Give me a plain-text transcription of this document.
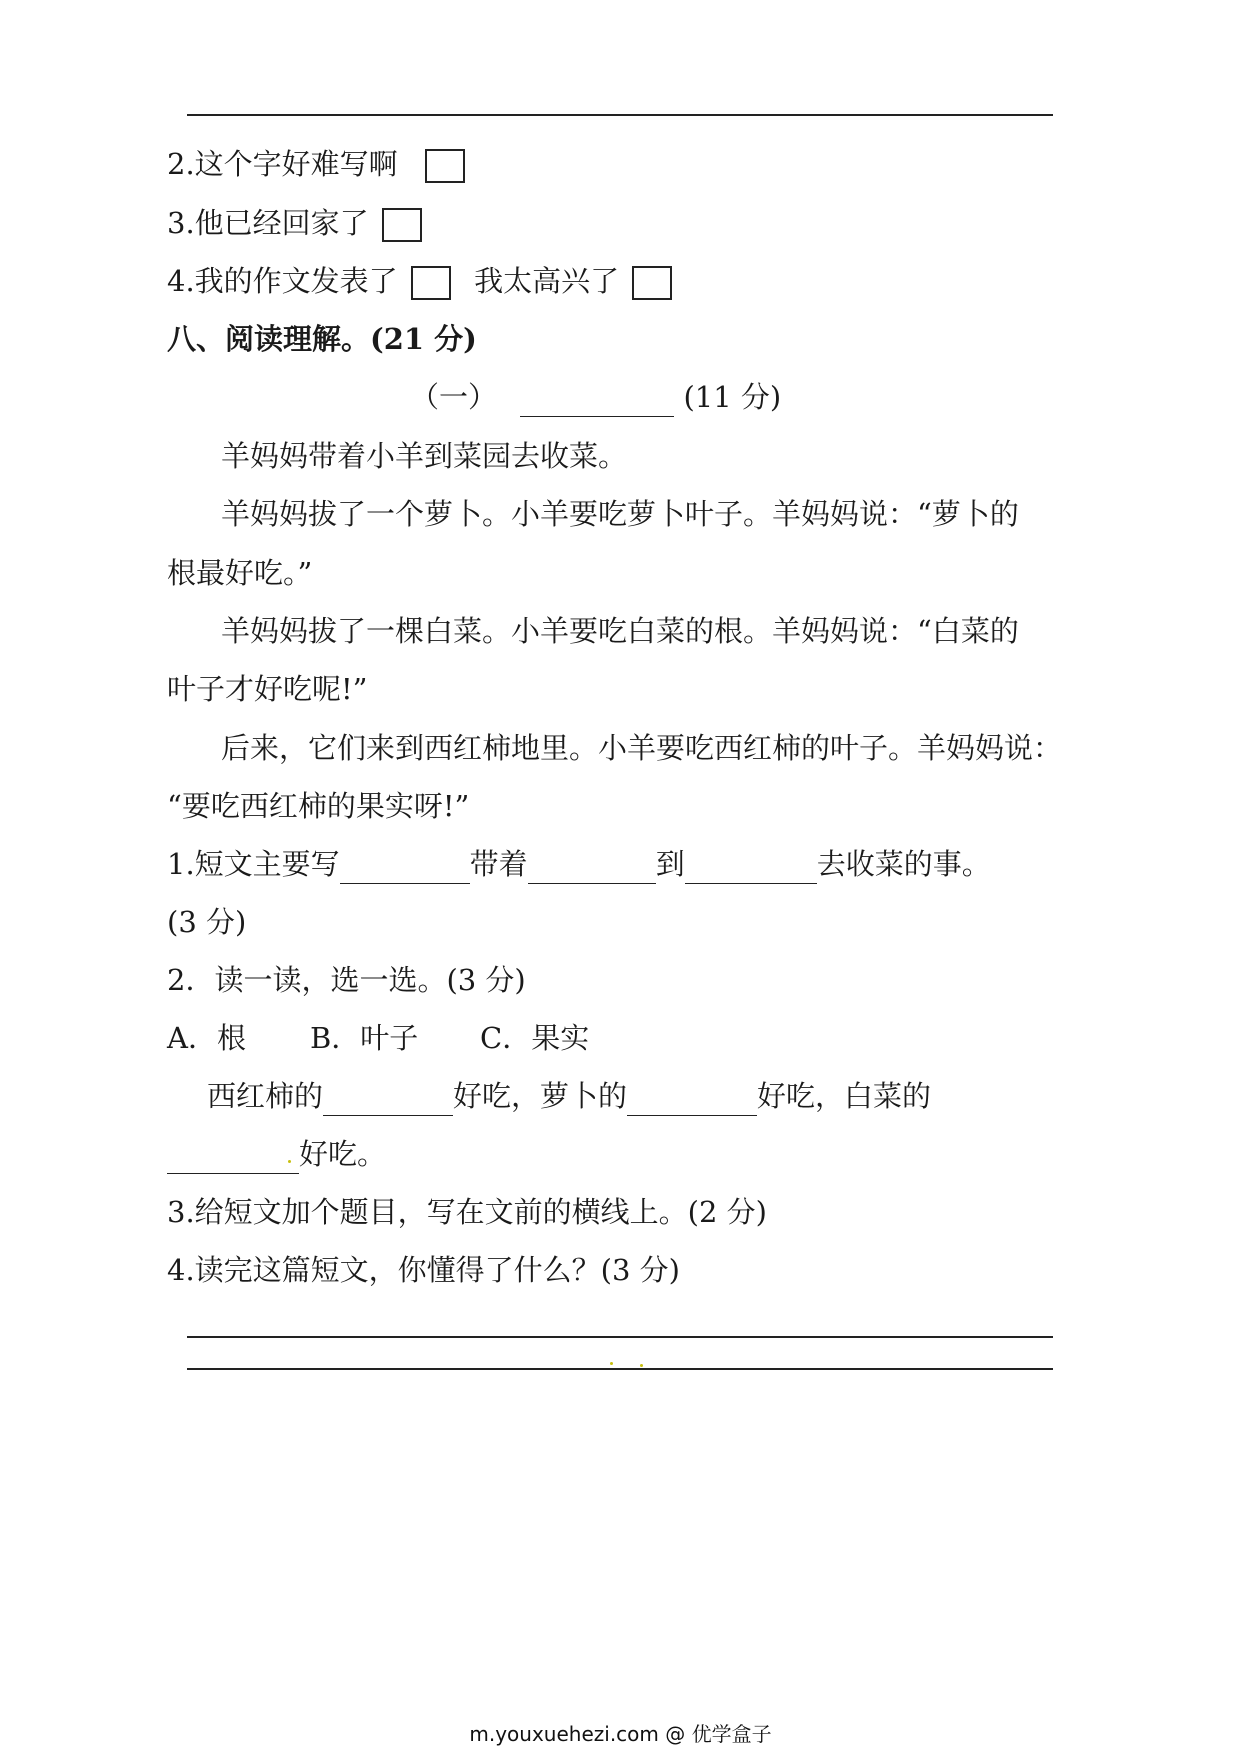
2.这个字好难写啊
3.他已经回家了
4.我的作文发表了	我太高兴了
八、阅读理解。(21 分)
（一）	(11 分)
羊妈妈带着小羊到菜园去收菜。
羊妈妈拔了一个萝卜。小羊要吃萝卜叶子。羊妈妈说：“萝卜的
根最好吃。”
羊妈妈拔了一棵白菜。小羊要吃白菜的根。羊妈妈说：“白菜的
叶子才好吃呢!”
后来，它们来到西红柿地里。小羊要吃西红柿的叶子。羊妈妈说：
“要吃西红柿的果实呀!”
1.短文主要写	带着	到	去收菜的事。
(3 分)
2．读一读，选一选。(3 分)
A．根 B．叶子 C．果实
西红柿的	好吃，萝卜的	好吃，白菜的
好吃。
3.给短文加个题目，写在文前的横线上。(2 分)
4.读完这篇短文，你懂得了什么？(3 分)
m.youxuehezi.com @ 优学盒子
